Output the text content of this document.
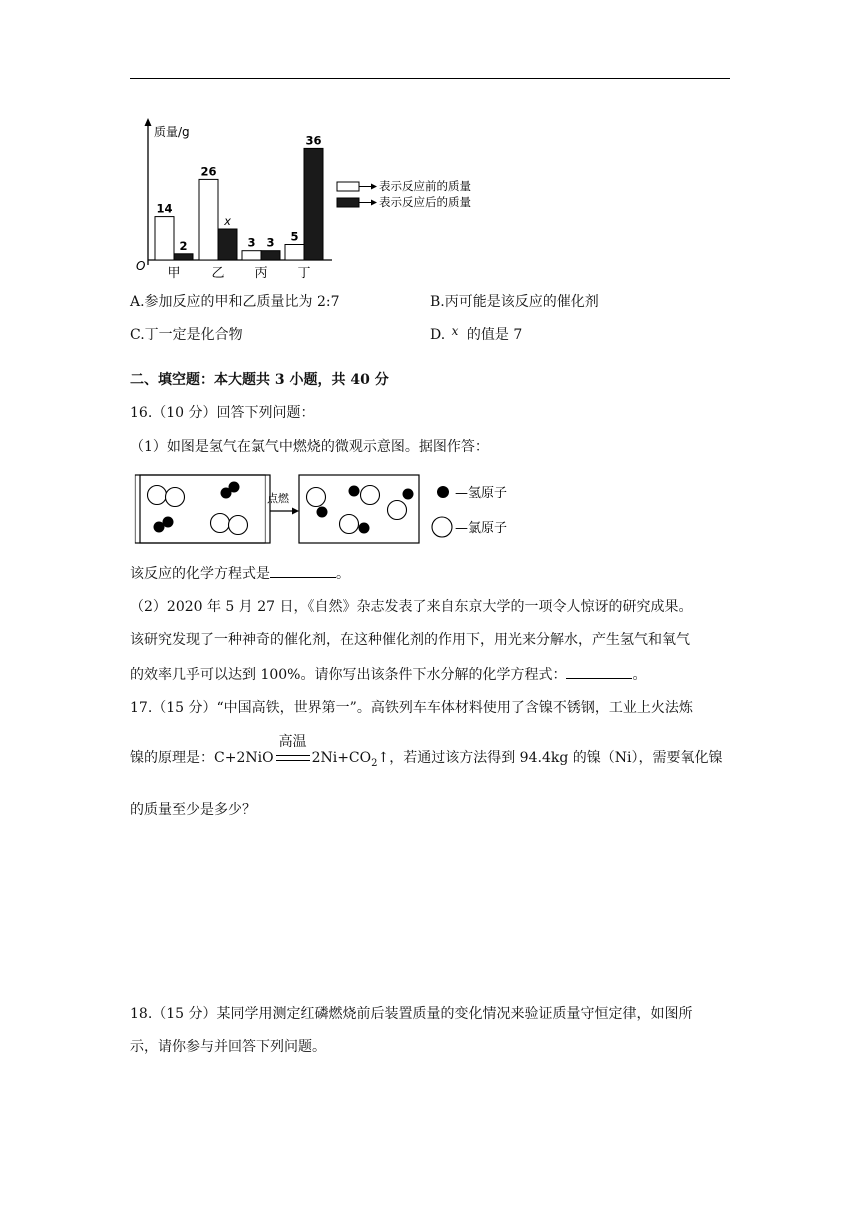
质量/g
O
14
2
甲
26
x
乙
3 3
丙
5
36
丁
表示反应前的质量
表示反应后的质量
A.参加反应的甲和乙质量比为 2:7	B.丙可能是该反应的催化剂
C.丁一定是化合物	D. x 的值是 7
二、填空题：本大题共 3 小题，共 40 分
16.（10 分）回答下列问题：
（1）如图是氢气在氯气中燃烧的微观示意图。据图作答：
点燃	—氢原子
—氯原子
该反应的化学方程式是	。
（2）2020 年 5 月 27 日，《自然》杂志发表了来自东京大学的一项令人惊讶的研究成果。
该研究发现了一种神奇的催化剂，在这种催化剂的作用下，用光来分解水，产生氢气和氧气
的效率几乎可以达到 100%。请你写出该条件下水分解的化学方程式：	。
17.（15 分）“中国高铁，世界第一”。高铁列车车体材料使用了含镍不锈钢，工业上火法炼
镍的原理是：C+2NiO
高温
$2Ni+CO_2↑$，若通过该方法得到 94.4kg 的镍（Ni），需要氧化镍
的质量至少是多少？
18.（15 分）某同学用测定红磷燃烧前后装置质量的变化情况来验证质量守恒定律，如图所
示，请你参与并回答下列问题。
